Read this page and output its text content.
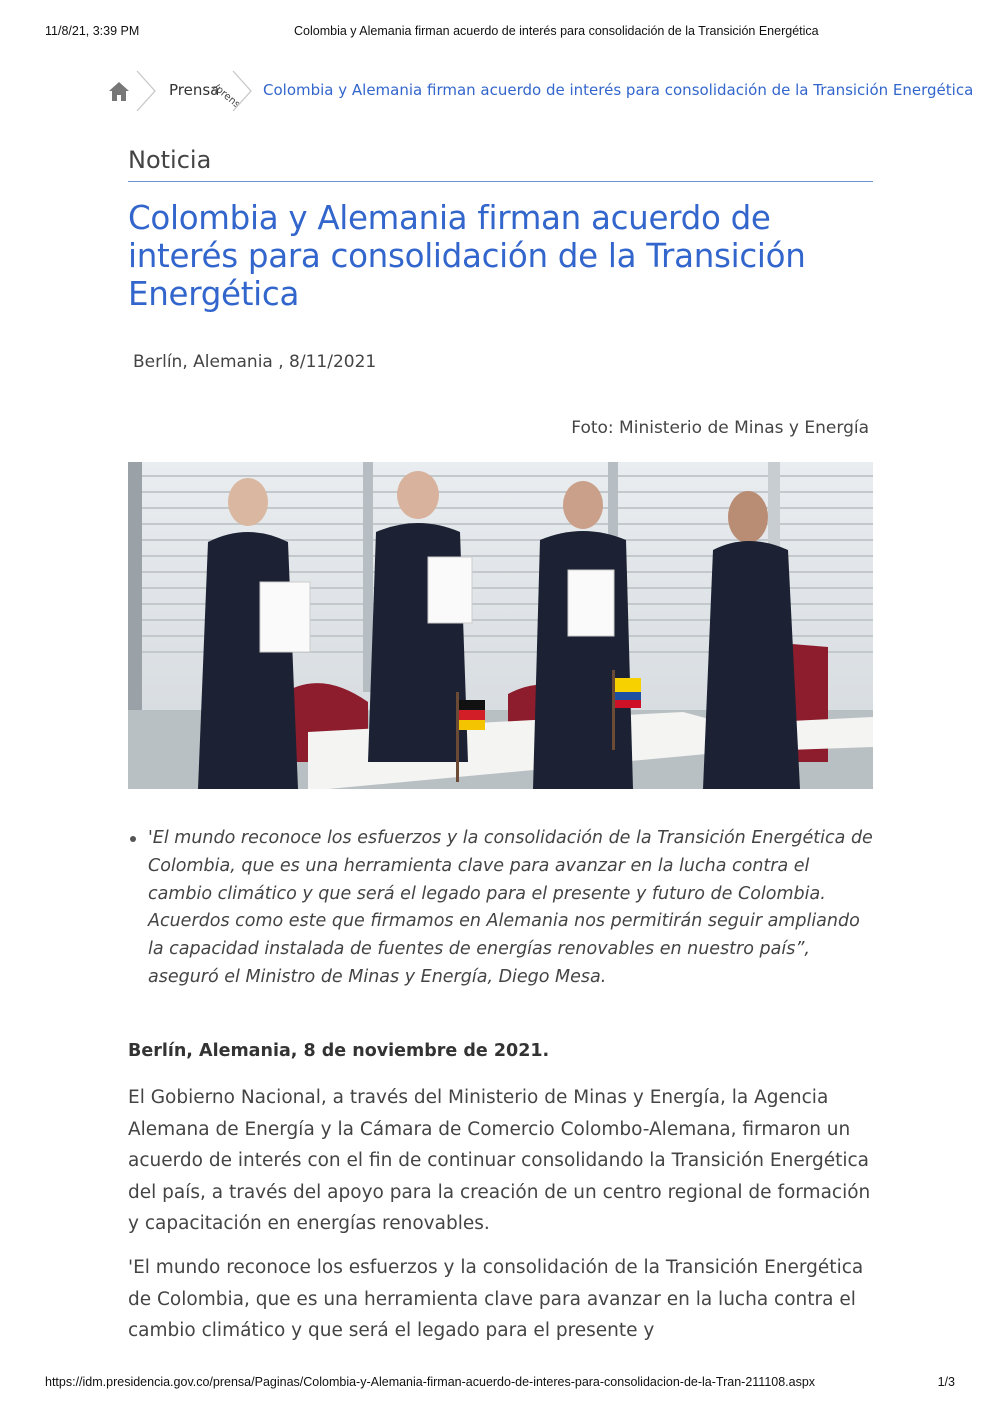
11/8/21, 3:39 PM	Colombia y Alemania firman acuerdo de interés para consolidación de la Transición Energética
Prensa
/prens Colombia y Alemania firman acuerdo de interés para consolidación de la Transición Energética
Noticia
Colombia y Alemania firman acuerdo de interés para consolidación de la Transición Energética
Berlín, Alemania , 8/11/2021
Foto: Ministerio de Minas y Energía
'El mundo reconoce los esfuerzos y la consolidación de la Transición Energética de Colombia, que es una herramienta clave para avanzar en la lucha contra el cambio climático y que será el legado para el presente y futuro de Colombia. Acuerdos como este que firmamos en Alemania nos permitirán seguir ampliando la capacidad instalada de fuentes de energías renovables en nuestro país”, aseguró el Ministro de Minas y Energía, Diego Mesa.
Berlín, Alemania, 8 de noviembre de 2021.

El Gobierno Nacional, a través del Ministerio de Minas y Energía, la Agencia Alemana de Energía y la Cámara de Comercio Colombo-Alemana, firmaron un acuerdo de interés con el fin de continuar consolidando la Transición Energética del país, a través del apoyo para la creación de un centro regional de formación y capacitación en energías renovables.

'El mundo reconoce los esfuerzos y la consolidación de la Transición Energética de Colombia, que es una herramienta clave para avanzar en la lucha contra el cambio climático y que será el legado para el presente y

https://idm.presidencia.gov.co/prensa/Paginas/Colombia-y-Alemania-firman-acuerdo-de-interes-para-consolidacion-de-la-Tran-211108.aspx	1/3
